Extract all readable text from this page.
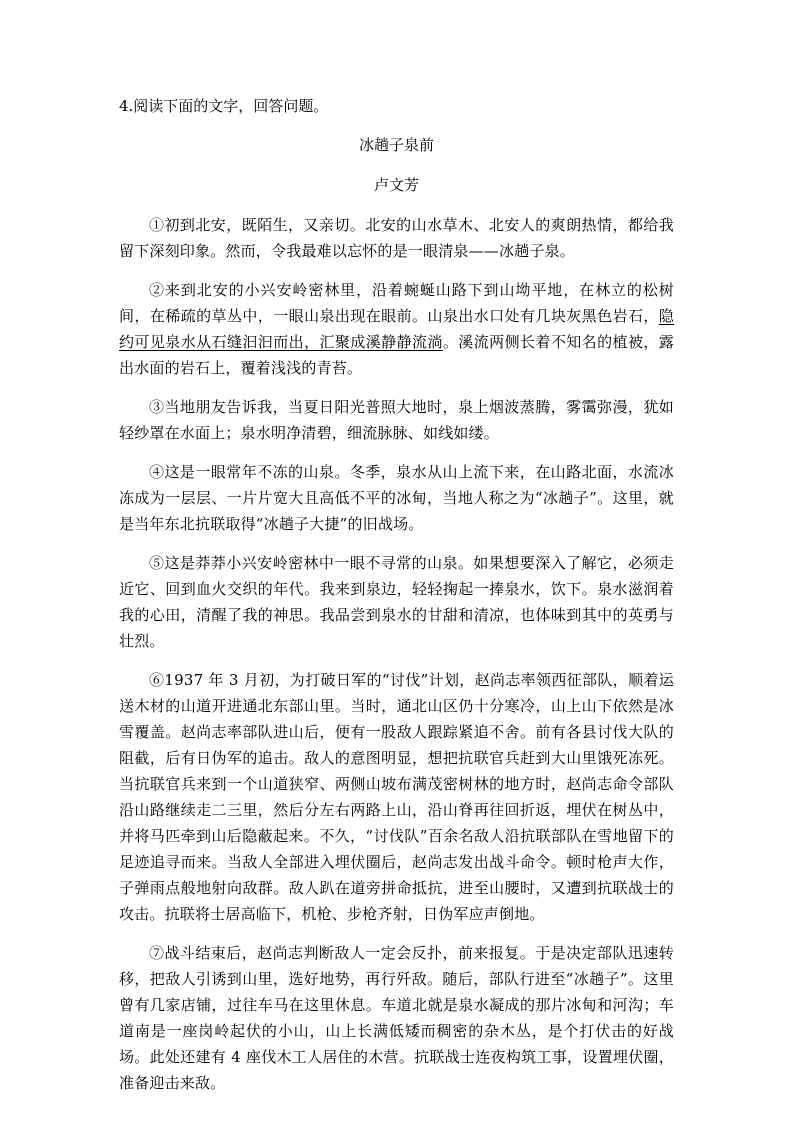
4.阅读下面的文字，回答问题。
冰趟子泉前
卢文芳

①初到北安，既陌生，又亲切。北安的山水草木、北安人的爽朗热情，都给我留下深刻印象。然而，令我最难以忘怀的是一眼清泉——冰趟子泉。

②来到北安的小兴安岭密林里，沿着蜿蜒山路下到山坳平地，在林立的松树间，在稀疏的草丛中，一眼山泉出现在眼前。山泉出水口处有几块灰黑色岩石，隐约可见泉水从石缝汩汩而出，汇聚成溪静静流淌。溪流两侧长着不知名的植被，露出水面的岩石上，覆着浅浅的青苔。

③当地朋友告诉我，当夏日阳光普照大地时，泉上烟波蒸腾，雾霭弥漫，犹如轻纱罩在水面上；泉水明净清碧，细流脉脉、如线如缕。

④这是一眼常年不冻的山泉。冬季，泉水从山上流下来，在山路北面，水流冰冻成为一层层、一片片宽大且高低不平的冰甸，当地人称之为“冰趟子”。这里，就是当年东北抗联取得“冰趟子大捷”的旧战场。

⑤这是莽莽小兴安岭密林中一眼不寻常的山泉。如果想要深入了解它，必须走近它、回到血火交织的年代。我来到泉边，轻轻掬起一捧泉水，饮下。泉水滋润着我的心田，清醒了我的神思。我品尝到泉水的甘甜和清凉，也体味到其中的英勇与壮烈。

⑥1937 年 3 月初，为打破日军的“讨伐”计划，赵尚志率领西征部队，顺着运送木材的山道开进通北东部山里。当时，通北山区仍十分寒冷，山上山下依然是冰雪覆盖。赵尚志率部队进山后，便有一股敌人跟踪紧追不舍。前有各县讨伐大队的阻截，后有日伪军的追击。敌人的意图明显，想把抗联官兵赶到大山里饿死冻死。当抗联官兵来到一个山道狭窄、两侧山坡布满茂密树林的地方时，赵尚志命令部队沿山路继续走二三里，然后分左右两路上山，沿山脊再往回折返，埋伏在树丛中，并将马匹牵到山后隐蔽起来。不久，“讨伐队”百余名敌人沿抗联部队在雪地留下的足迹追寻而来。当敌人全部进入埋伏圈后，赵尚志发出战斗命令。顿时枪声大作，子弹雨点般地射向敌群。敌人趴在道旁拼命抵抗，进至山腰时，又遭到抗联战士的攻击。抗联将士居高临下，机枪、步枪齐射，日伪军应声倒地。

⑦战斗结束后，赵尚志判断敌人一定会反扑，前来报复。于是决定部队迅速转移，把敌人引诱到山里，选好地势，再行歼敌。随后，部队行进至“冰趟子”。这里曾有几家店铺，过往车马在这里休息。车道北就是泉水凝成的那片冰甸和河沟；车道南是一座岗岭起伏的小山，山上长满低矮而稠密的杂木丛，是个打伏击的好战场。此处还建有 4 座伐木工人居住的木营。抗联战士连夜构筑工事，设置埋伏圈，准备迎击来敌。
